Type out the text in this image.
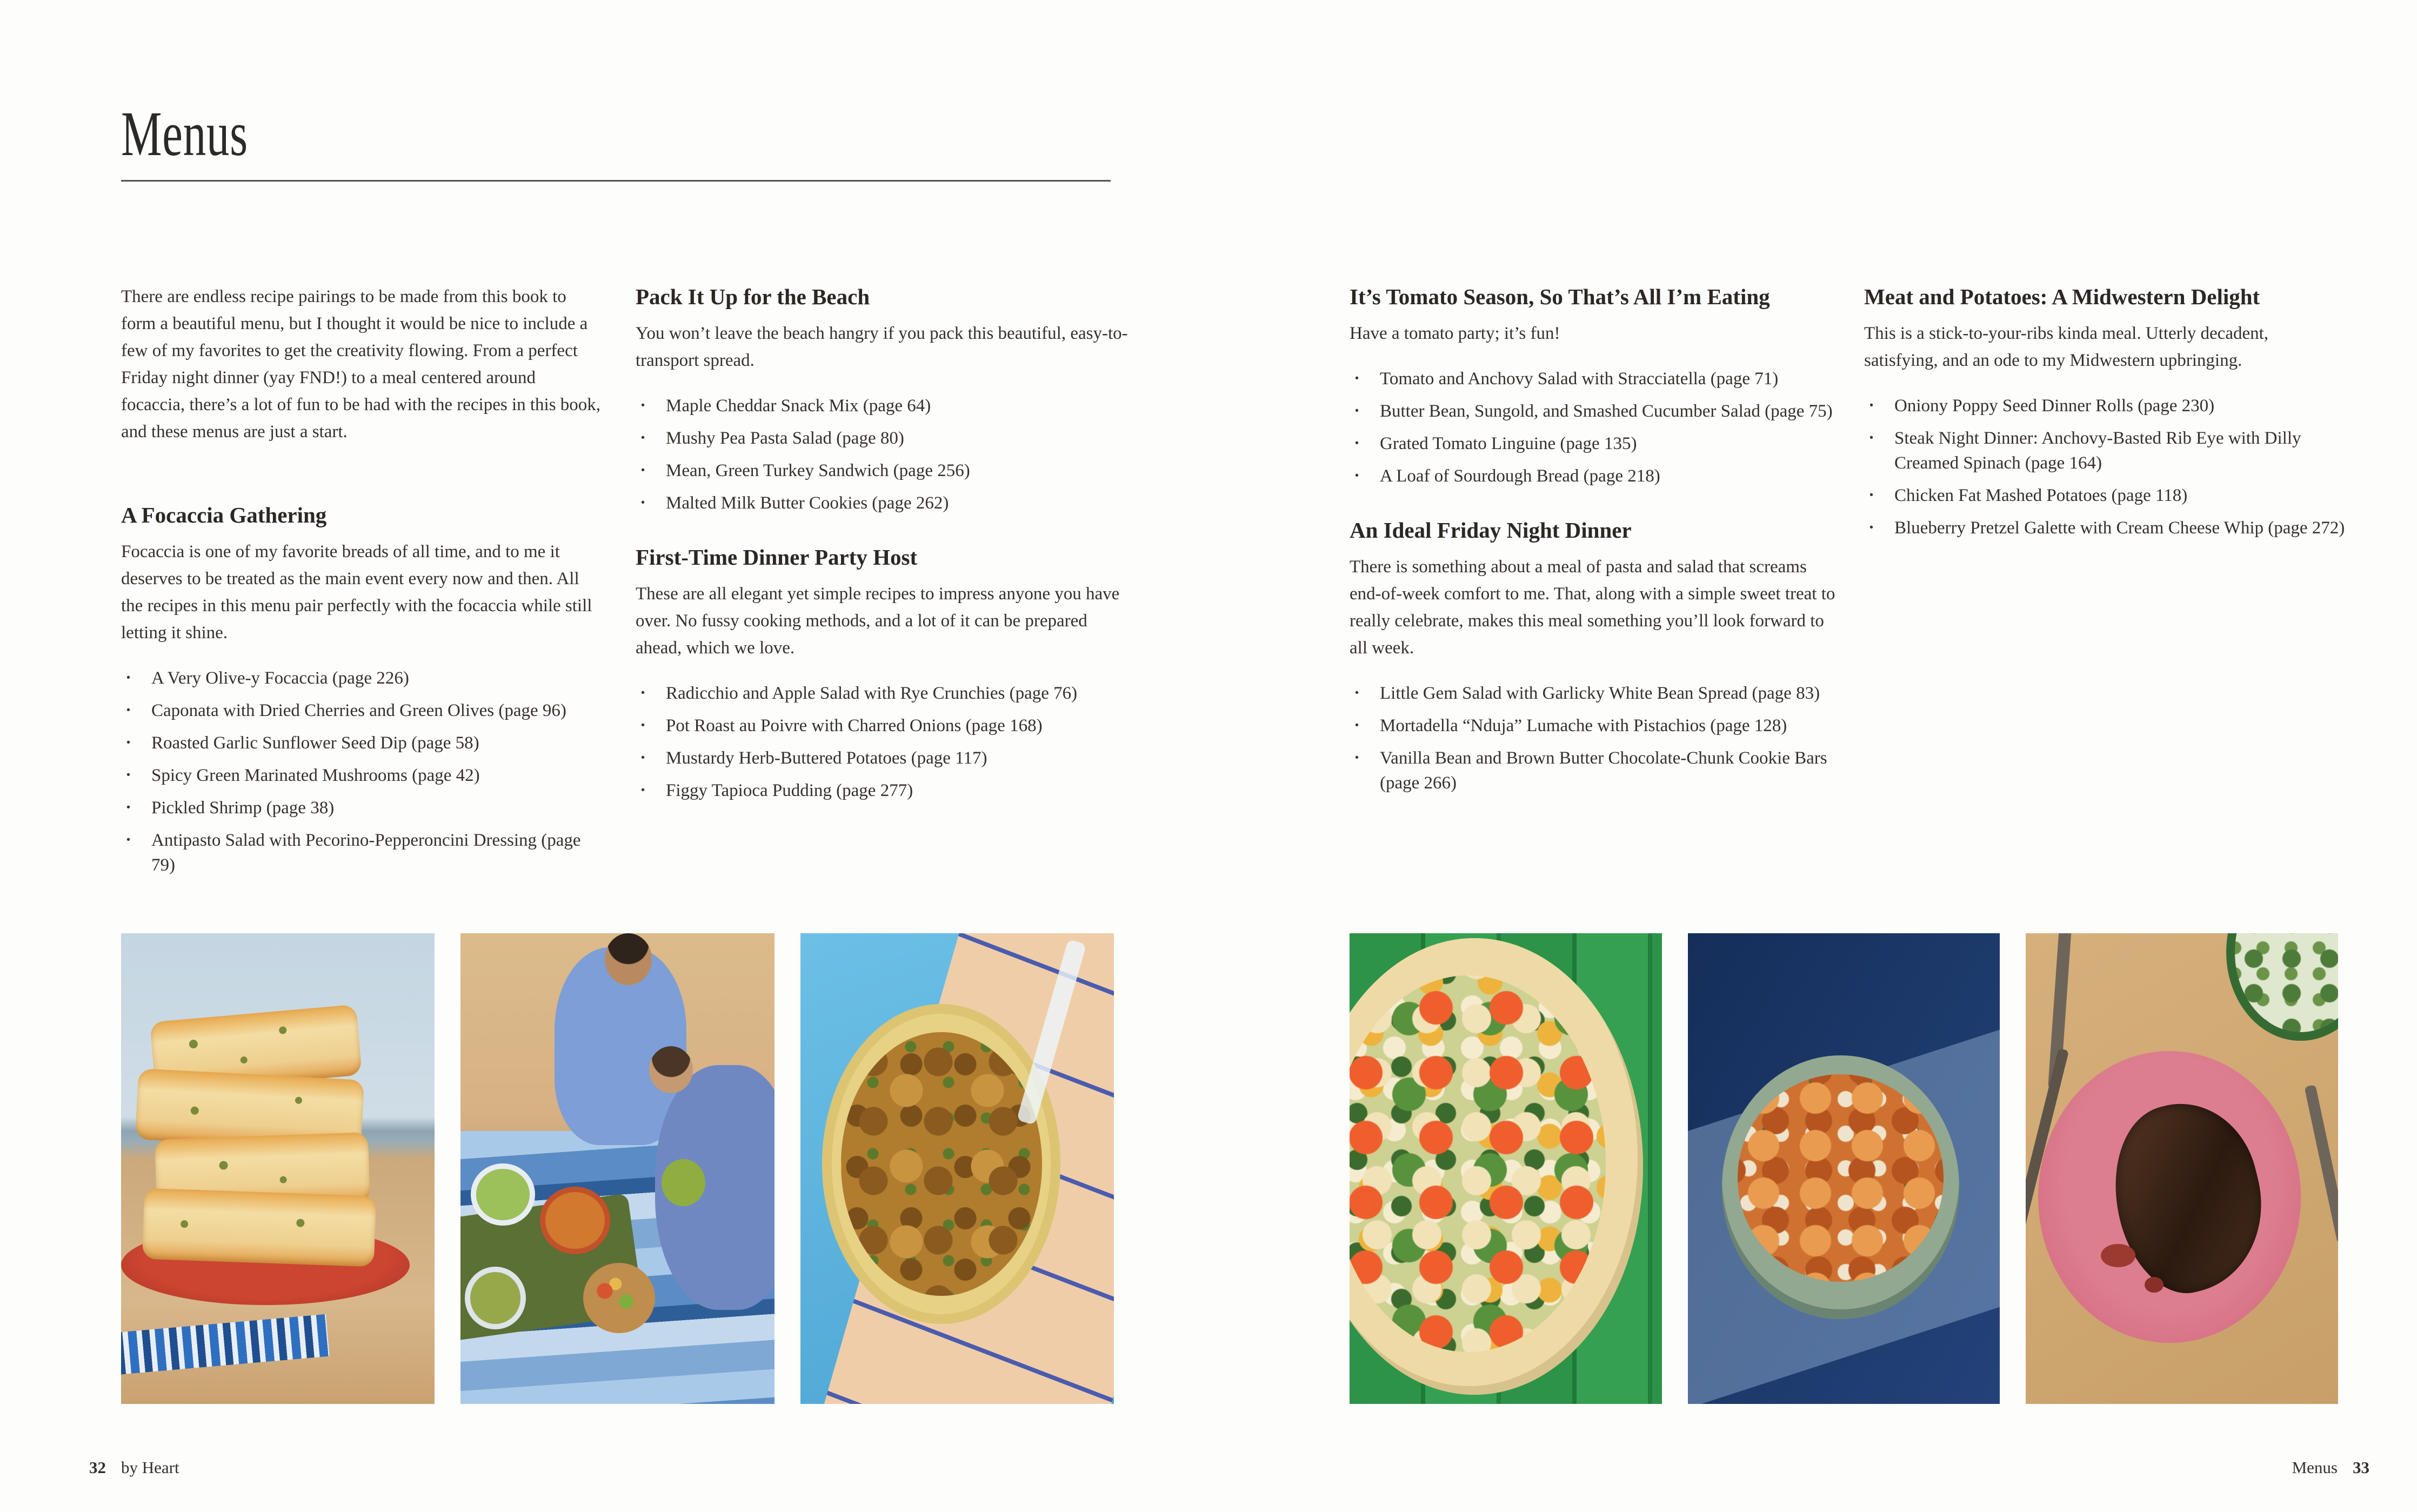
Menus

There are endless recipe pairings to be made from this book to form a beautiful menu, but I thought it would be nice to include a few of my favorites to get the creativity flowing. From a perfect Friday night dinner (yay FND!) to a meal centered around focaccia, there’s a lot of fun to be had with the recipes in this book, and these menus are just a start.

A Focaccia Gathering

Focaccia is one of my favorite breads of all time, and to me it deserves to be treated as the main event every now and then. All the recipes in this menu pair perfectly with the focaccia while still letting it shine.

· A Very Olive-y Focaccia (page 226)
· Caponata with Dried Cherries and Green Olives (page 96)
· Roasted Garlic Sunflower Seed Dip (page 58)
· Spicy Green Marinated Mushrooms (page 42)
· Pickled Shrimp (page 38)
· Antipasto Salad with Pecorino-Pepperoncini Dressing (page 79)
Pack It Up for the Beach

You won’t leave the beach hangry if you pack this beautiful, easy-to-transport spread.

· Maple Cheddar Snack Mix (page 64)
· Mushy Pea Pasta Salad (page 80)
· Mean, Green Turkey Sandwich (page 256)
· Malted Milk Butter Cookies (page 262)
First-Time Dinner Party Host

These are all elegant yet simple recipes to impress anyone you have over. No fussy cooking methods, and a lot of it can be prepared ahead, which we love.

· Radicchio and Apple Salad with Rye Crunchies (page 76)
· Pot Roast au Poivre with Charred Onions (page 168)
· Mustardy Herb-Buttered Potatoes (page 117)
· Figgy Tapioca Pudding (page 277)
It’s Tomato Season, So That’s All I’m Eating

Have a tomato party; it’s fun!

· Tomato and Anchovy Salad with Stracciatella (page 71)
· Butter Bean, Sungold, and Smashed Cucumber Salad (page 75)
· Grated Tomato Linguine (page 135)
· A Loaf of Sourdough Bread (page 218)
An Ideal Friday Night Dinner

There is something about a meal of pasta and salad that screams end-of-week comfort to me. That, along with a simple sweet treat to really celebrate, makes this meal something you’ll look forward to all week.

· Little Gem Salad with Garlicky White Bean Spread (page 83)
· Mortadella “Nduja” Lumache with Pistachios (page 128)
· Vanilla Bean and Brown Butter Chocolate-Chunk Cookie Bars (page 266)
Meat and Potatoes: A Midwestern Delight

This is a stick-to-your-ribs kinda meal. Utterly decadent, satisfying, and an ode to my Midwestern upbringing.

· Oniony Poppy Seed Dinner Rolls (page 230)
· Steak Night Dinner: Anchovy-Basted Rib Eye with Dilly Creamed Spinach (page 164)
· Chicken Fat Mashed Potatoes (page 118)
· Blueberry Pretzel Galette with Cream Cheese Whip (page 272)
32 by Heart	Menus 33
